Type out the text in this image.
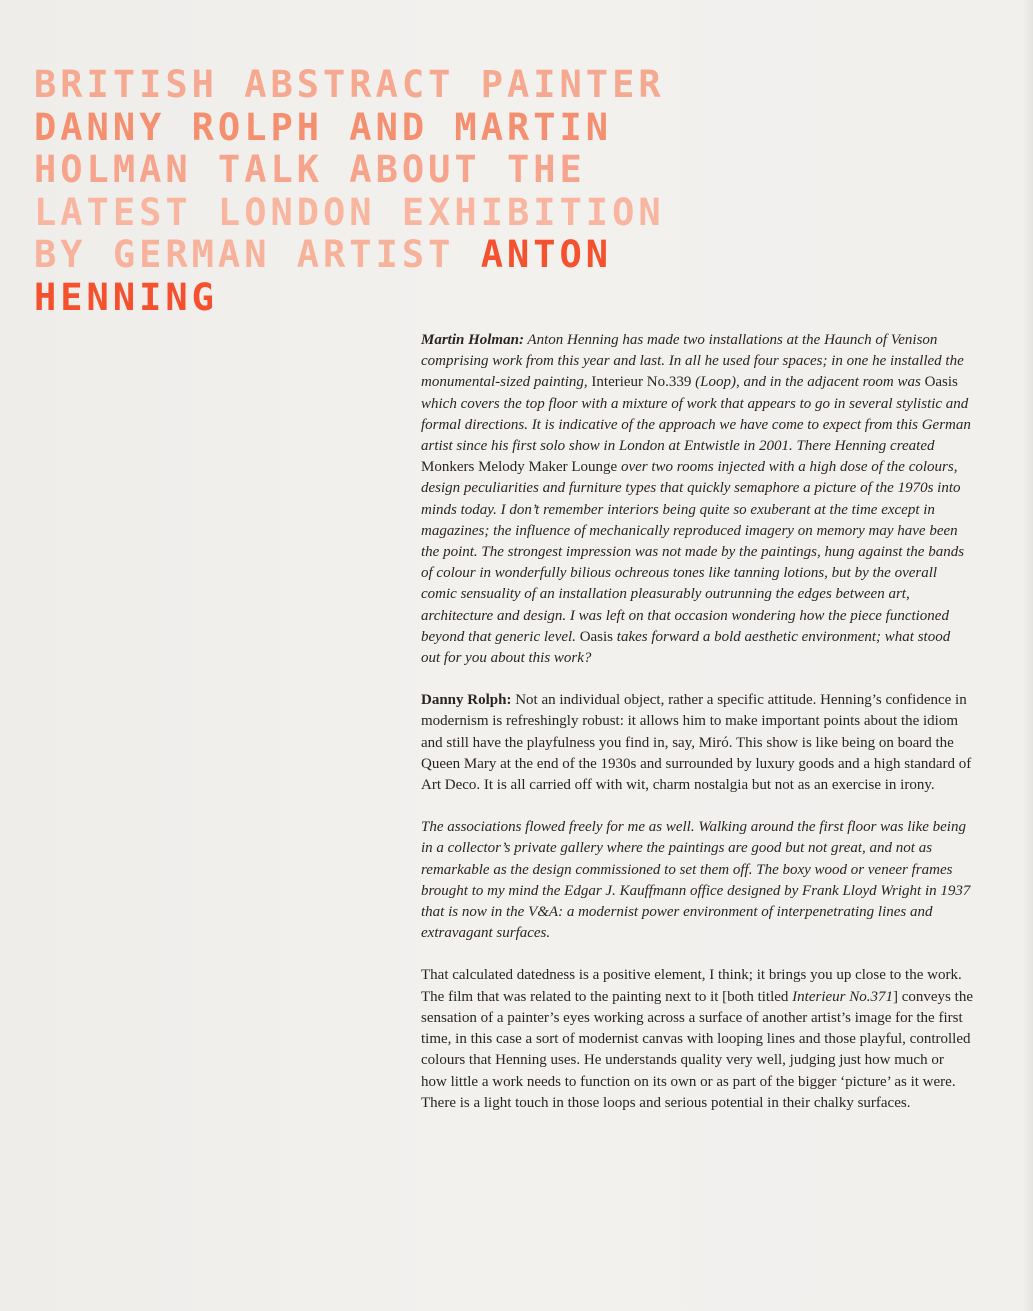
BRITISH ABSTRACT PAINTER
DANNY ROLPH AND MARTIN
HOLMAN TALK ABOUT THE
LATEST LONDON EXHIBITION
BY GERMAN ARTIST ANTON
HENNING

Martin Holman: Anton Henning has made two installations at the Haunch of Venison comprising work from this year and last. In all he used four spaces; in one he installed the monumental-sized painting, Interieur No.339 (Loop), and in the adjacent room was Oasis which covers the top floor with a mixture of work that appears to go in several stylistic and formal directions. It is indicative of the approach we have come to expect from this German artist since his first solo show in London at Entwistle in 2001. There Henning created Monkers Melody Maker Lounge over two rooms injected with a high dose of the colours, design peculiarities and furniture types that quickly semaphore a picture of the 1970s into minds today. I don’t remember interiors being quite so exuberant at the time except in magazines; the influence of mechanically reproduced imagery on memory may have been the point. The strongest impression was not made by the paintings, hung against the bands of colour in wonderfully bilious ochreous tones like tanning lotions, but by the overall comic sensuality of an installation pleasurably outrunning the edges between art, architecture and design. I was left on that occasion wondering how the piece functioned beyond that generic level. Oasis takes forward a bold aesthetic environment; what stood out for you about this work?

Danny Rolph: Not an individual object, rather a specific attitude. Henning’s confidence in modernism is refreshingly robust: it allows him to make important points about the idiom and still have the playfulness you find in, say, Miró. This show is like being on board the Queen Mary at the end of the 1930s and surrounded by luxury goods and a high standard of Art Deco. It is all carried off with wit, charm nostalgia but not as an exercise in irony.

The associations flowed freely for me as well. Walking around the first floor was like being in a collector’s private gallery where the paintings are good but not great, and not as remarkable as the design commissioned to set them off. The boxy wood or veneer frames brought to my mind the Edgar J. Kauffmann office designed by Frank Lloyd Wright in 1937 that is now in the V&A: a modernist power environment of interpenetrating lines and extravagant surfaces.

That calculated datedness is a positive element, I think; it brings you up close to the work. The film that was related to the painting next to it [both titled Interieur No.371] conveys the sensation of a painter’s eyes working across a surface of another artist’s image for the first time, in this case a sort of modernist canvas with looping lines and those playful, controlled colours that Henning uses. He understands quality very well, judging just how much or how little a work needs to function on its own or as part of the bigger ‘picture’ as it were. There is a light touch in those loops and serious potential in their chalky surfaces.
